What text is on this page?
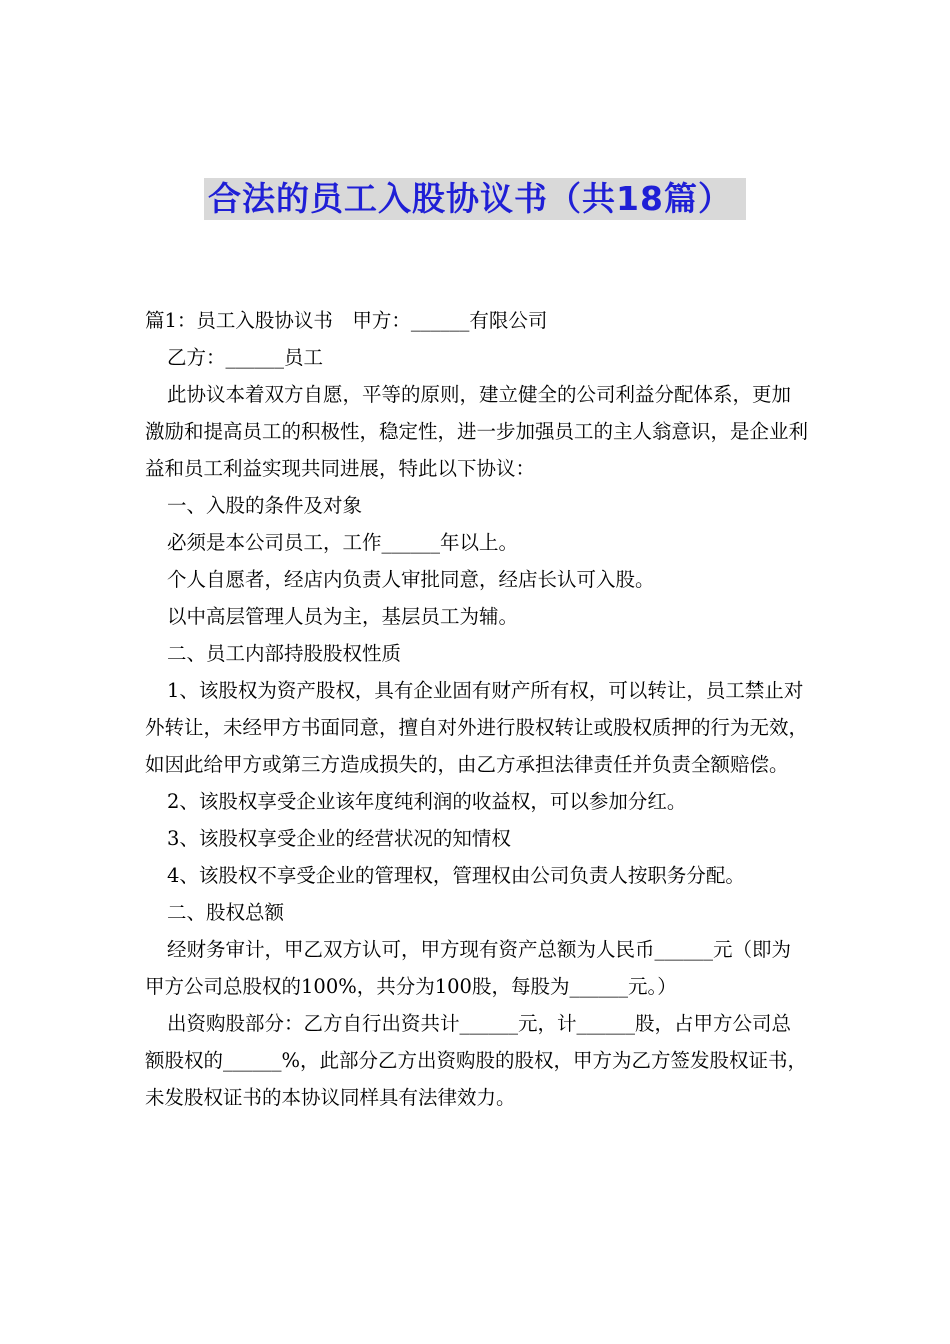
合法的员工入股协议书（共18篇）

篇1：员工入股协议书　甲方：______有限公司

乙方：______员工

此协议本着双方自愿，平等的原则，建立健全的公司利益分配体系，更加激励和提高员工的积极性，稳定性，进一步加强员工的主人翁意识，是企业利益和员工利益实现共同进展，特此以下协议：

一、入股的条件及对象

必须是本公司员工，工作______年以上。

个人自愿者，经店内负责人审批同意，经店长认可入股。

以中高层管理人员为主，基层员工为辅。

二、员工内部持股股权性质

1、该股权为资产股权，具有企业固有财产所有权，可以转让，员工禁止对外转让，未经甲方书面同意，擅自对外进行股权转让或股权质押的行为无效，如因此给甲方或第三方造成损失的，由乙方承担法律责任并负责全额赔偿。

2、该股权享受企业该年度纯利润的收益权，可以参加分红。

3、该股权享受企业的经营状况的知情权

4、该股权不享受企业的管理权，管理权由公司负责人按职务分配。

二、股权总额

经财务审计，甲乙双方认可，甲方现有资产总额为人民币______元（即为甲方公司总股权的100%，共分为100股，每股为______元。）

出资购股部分：乙方自行出资共计______元，计______股，占甲方公司总额股权的______%，此部分乙方出资购股的股权，甲方为乙方签发股权证书，未发股权证书的本协议同样具有法律效力。
